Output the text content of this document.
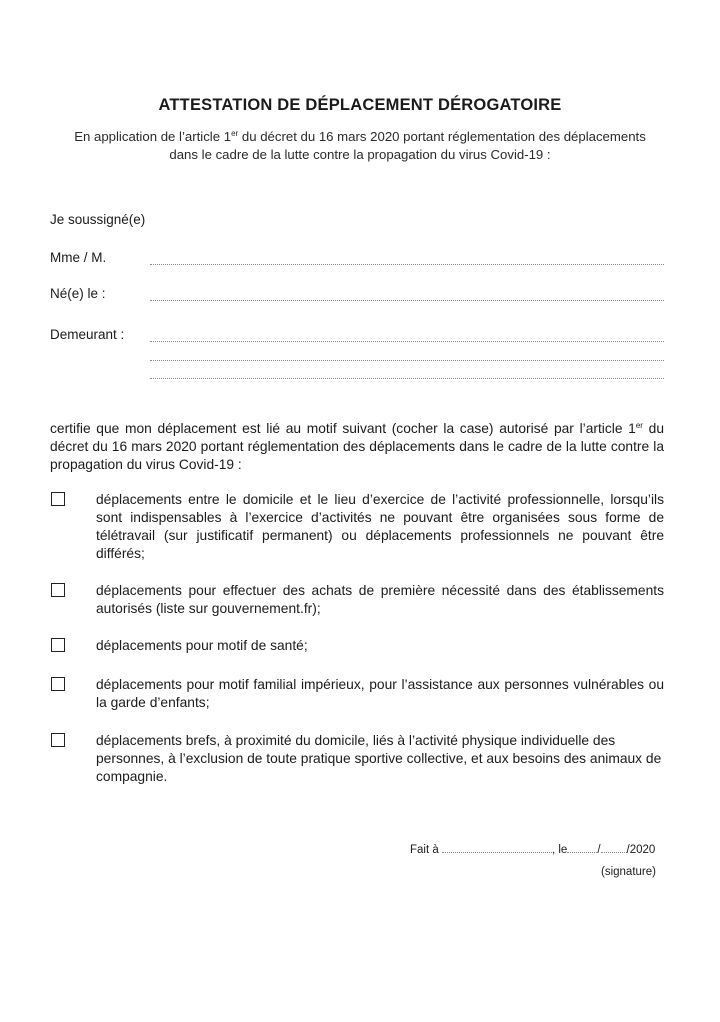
ATTESTATION DE DÉPLACEMENT DÉROGATOIRE
En application de l’article 1er du décret du 16 mars 2020 portant réglementation des déplacements dans le cadre de la lutte contre la propagation du virus Covid-19 :
Je soussigné(e)
Mme / M.
Né(e) le :
Demeurant :
certifie que mon déplacement est lié au motif suivant (cocher la case) autorisé par l’article 1er du décret du 16 mars 2020 portant réglementation des déplacements dans le cadre de la lutte contre la propagation du virus Covid-19 :
déplacements entre le domicile et le lieu d’exercice de l’activité professionnelle, lorsqu’ils sont indispensables à l’exercice d’activités ne pouvant être organisées sous forme de télétravail (sur justificatif permanent) ou déplacements professionnels ne pouvant être différés;
déplacements pour effectuer des achats de première nécessité dans des établissements autorisés (liste sur gouvernement.fr);
déplacements pour motif de santé;
déplacements pour motif familial impérieux, pour l’assistance aux personnes vulnérables ou la garde d’enfants;
déplacements brefs, à proximité du domicile, liés à l’activité physique individuelle des personnes, à l’exclusion de toute pratique sportive collective, et aux besoins des animaux de compagnie.
Fait à	, le	/ /2020
(signature)
